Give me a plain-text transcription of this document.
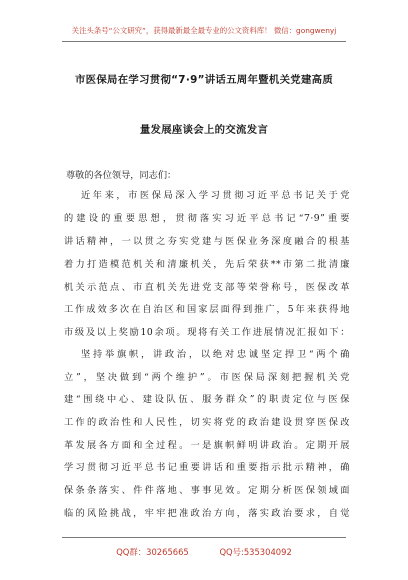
关注头条号“公文研究”，获得最新最全最专业的公文资料库！ 微信：gongwenyj
市医保局在学习贯彻“7·9”讲话五周年暨机关党建高质
量发展座谈会上的交流发言
尊敬的各位领导，同志们：
近年来，市医保局深入学习贯彻习近平总书记关于党
的建设的重要思想，贯彻落实习近平总书记“7·9”重要
讲话精神，一以贯之夯实党建与医保业务深度融合的根基
着力打造模范机关和清廉机关，先后荣获**市第二批清廉
机关示范点、市直机关先进党支部等荣誉称号，医保改革
工作成效多次在自治区和国家层面得到推广，5年来获得地
市级及以上奖励10余项。现将有关工作进展情况汇报如下：
坚持举旗帜，讲政治，以绝对忠诚坚定捍卫“两个确
立”，坚决做到“两个维护”。市医保局深刻把握机关党
建“围绕中心、建设队伍、服务群众”的职责定位与医保
工作的政治性和人民性，切实将党的政治建设贯穿医保改
革发展各方面和全过程。一是旗帜鲜明讲政治。定期开展
学习贯彻习近平总书记重要讲话和重要指示批示精神，确
保条条落实、件件落地、事事见效。定期分析医保领域面
临的风险挑战，牢牢把准政治方向，落实政治要求，自觉
QQ群：30265665	QQ号:535304092
